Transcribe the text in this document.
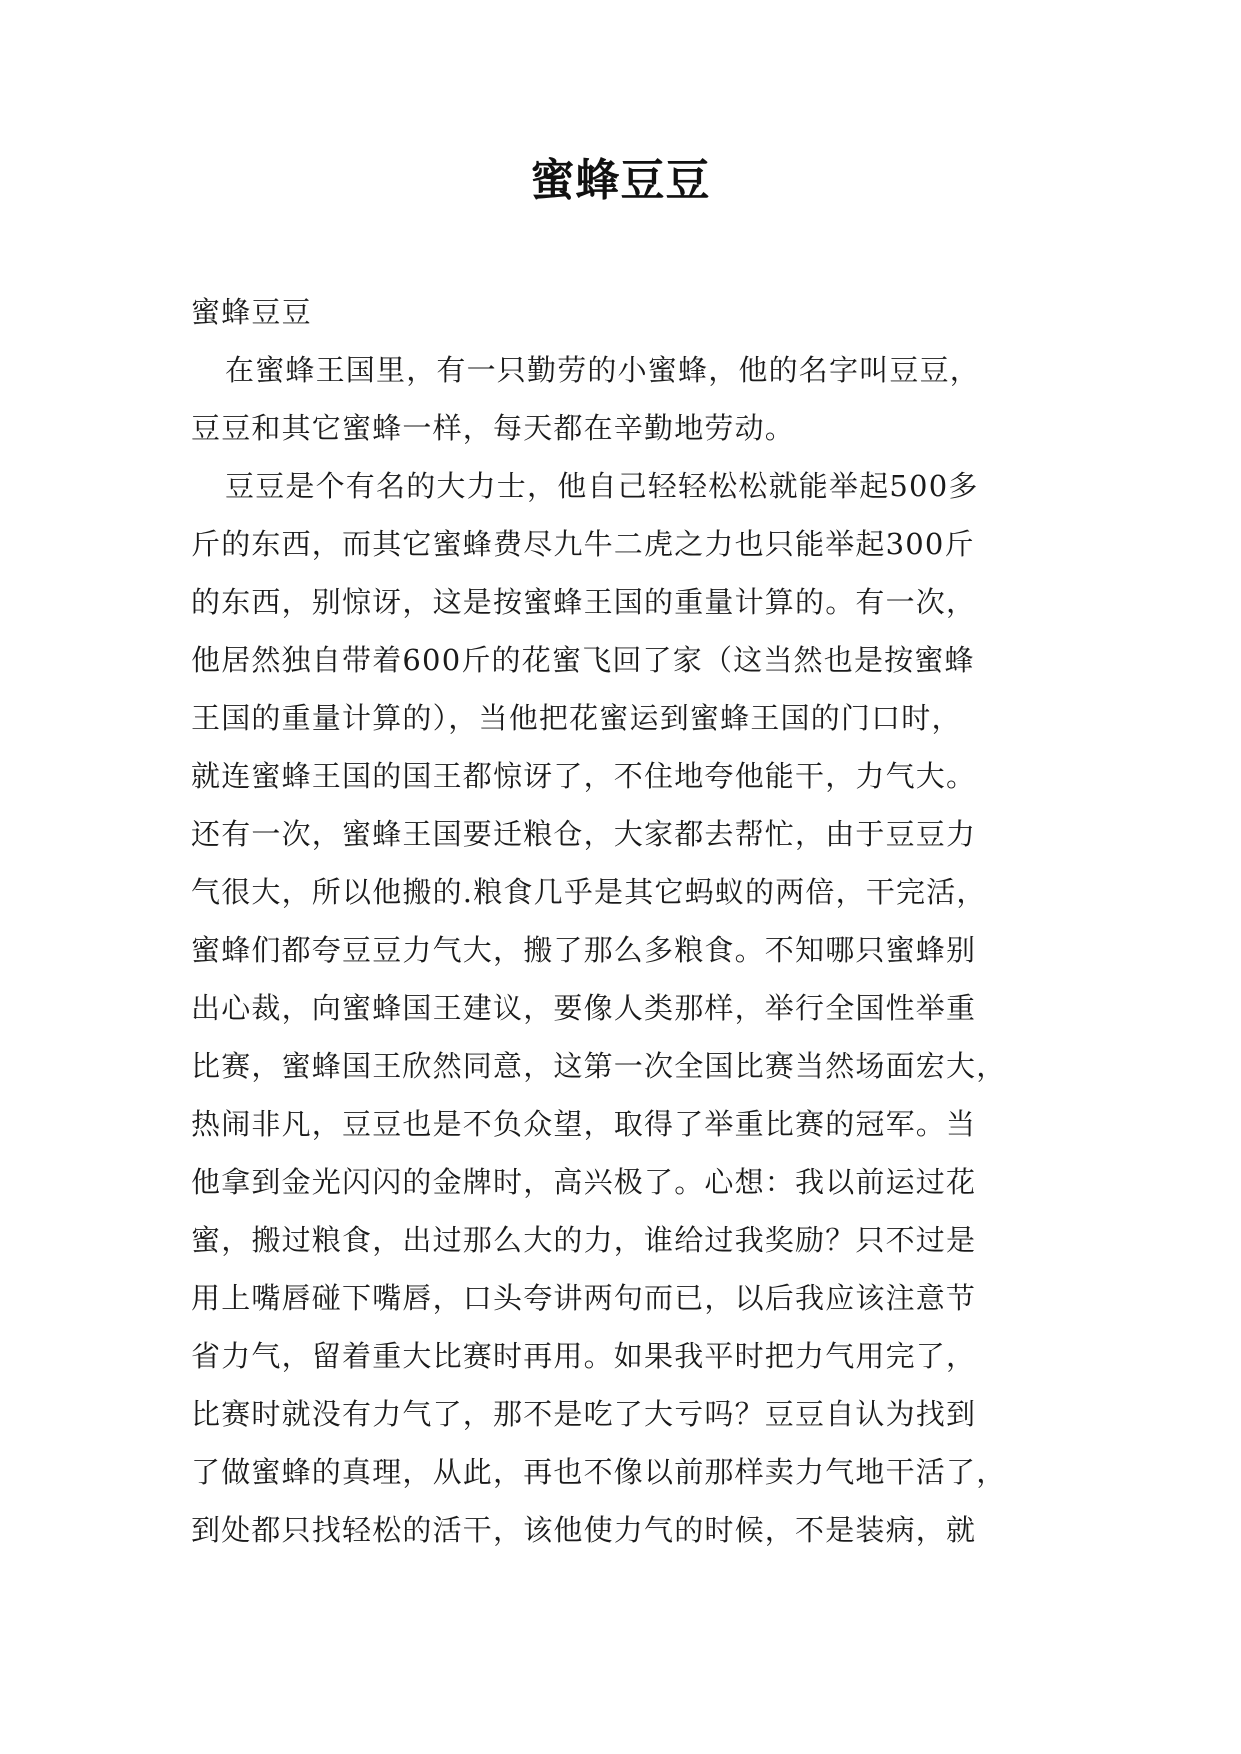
蜜蜂豆豆
蜜蜂豆豆
在蜜蜂王国里，有一只勤劳的小蜜蜂，他的名字叫豆豆，
豆豆和其它蜜蜂一样，每天都在辛勤地劳动。
豆豆是个有名的大力士，他自己轻轻松松就能举起500多
斤的东西，而其它蜜蜂费尽九牛二虎之力也只能举起300斤
的东西，别惊讶，这是按蜜蜂王国的重量计算的。有一次，
他居然独自带着600斤的花蜜飞回了家（这当然也是按蜜蜂
王国的重量计算的），当他把花蜜运到蜜蜂王国的门口时，
就连蜜蜂王国的国王都惊讶了，不住地夸他能干，力气大。
还有一次，蜜蜂王国要迁粮仓，大家都去帮忙，由于豆豆力
气很大，所以他搬的.粮食几乎是其它蚂蚁的两倍，干完活，
蜜蜂们都夸豆豆力气大，搬了那么多粮食。不知哪只蜜蜂别
出心裁，向蜜蜂国王建议，要像人类那样，举行全国性举重
比赛，蜜蜂国王欣然同意，这第一次全国比赛当然场面宏大，
热闹非凡，豆豆也是不负众望，取得了举重比赛的冠军。当
他拿到金光闪闪的金牌时，高兴极了。心想：我以前运过花
蜜，搬过粮食，出过那么大的力，谁给过我奖励？只不过是
用上嘴唇碰下嘴唇，口头夸讲两句而已，以后我应该注意节
省力气，留着重大比赛时再用。如果我平时把力气用完了，
比赛时就没有力气了，那不是吃了大亏吗？豆豆自认为找到
了做蜜蜂的真理，从此，再也不像以前那样卖力气地干活了，
到处都只找轻松的活干，该他使力气的时候，不是装病，就
